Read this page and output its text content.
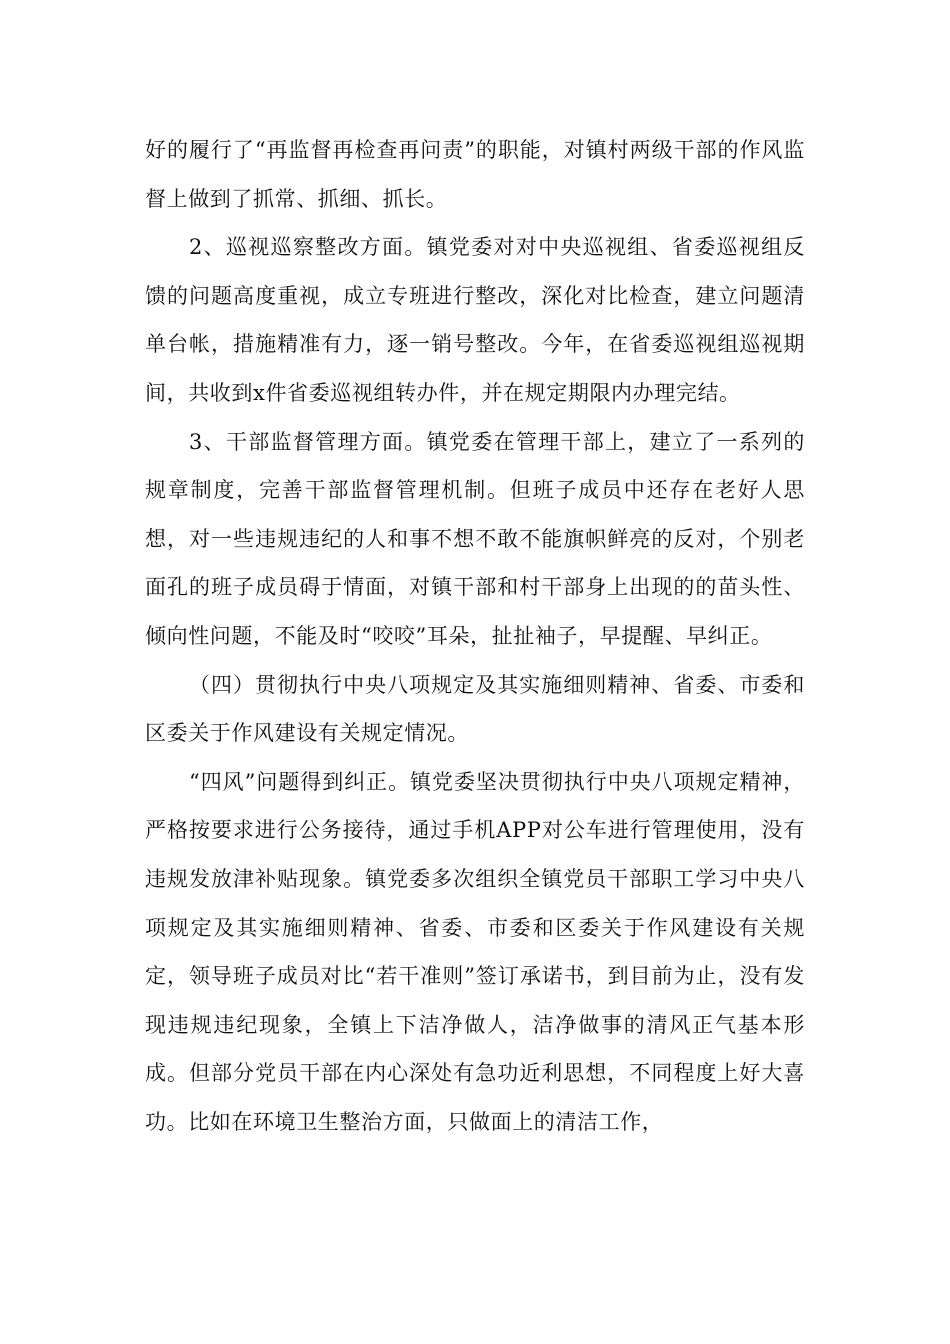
好的履行了“再监督再检查再问责”的职能，对镇村两级干部的作风监督上做到了抓常、抓细、抓长。

2、巡视巡察整改方面。镇党委对对中央巡视组、省委巡视组反馈的问题高度重视，成立专班进行整改，深化对比检查，建立问题清单台帐，措施精准有力，逐一销号整改。今年，在省委巡视组巡视期间，共收到x件省委巡视组转办件，并在规定期限内办理完结。

3、干部监督管理方面。镇党委在管理干部上，建立了一系列的规章制度，完善干部监督管理机制。但班子成员中还存在老好人思想，对一些违规违纪的人和事不想不敢不能旗帜鲜亮的反对，个别老面孔的班子成员碍于情面，对镇干部和村干部身上出现的的苗头性、倾向性问题，不能及时“咬咬”耳朵，扯扯袖子，早提醒、早纠正。

（四）贯彻执行中央八项规定及其实施细则精神、省委、市委和区委关于作风建设有关规定情况。

“四风”问题得到纠正。镇党委坚决贯彻执行中央八项规定精神，严格按要求进行公务接待，通过手机APP对公车进行管理使用，没有违规发放津补贴现象。镇党委多次组织全镇党员干部职工学习中央八项规定及其实施细则精神、省委、市委和区委关于作风建设有关规定，领导班子成员对比“若干准则”签订承诺书，到目前为止，没有发现违规违纪现象，全镇上下洁净做人，洁净做事的清风正气基本形成。但部分党员干部在内心深处有急功近利思想，不同程度上好大喜功。比如在环境卫生整治方面，只做面上的清洁工作，
